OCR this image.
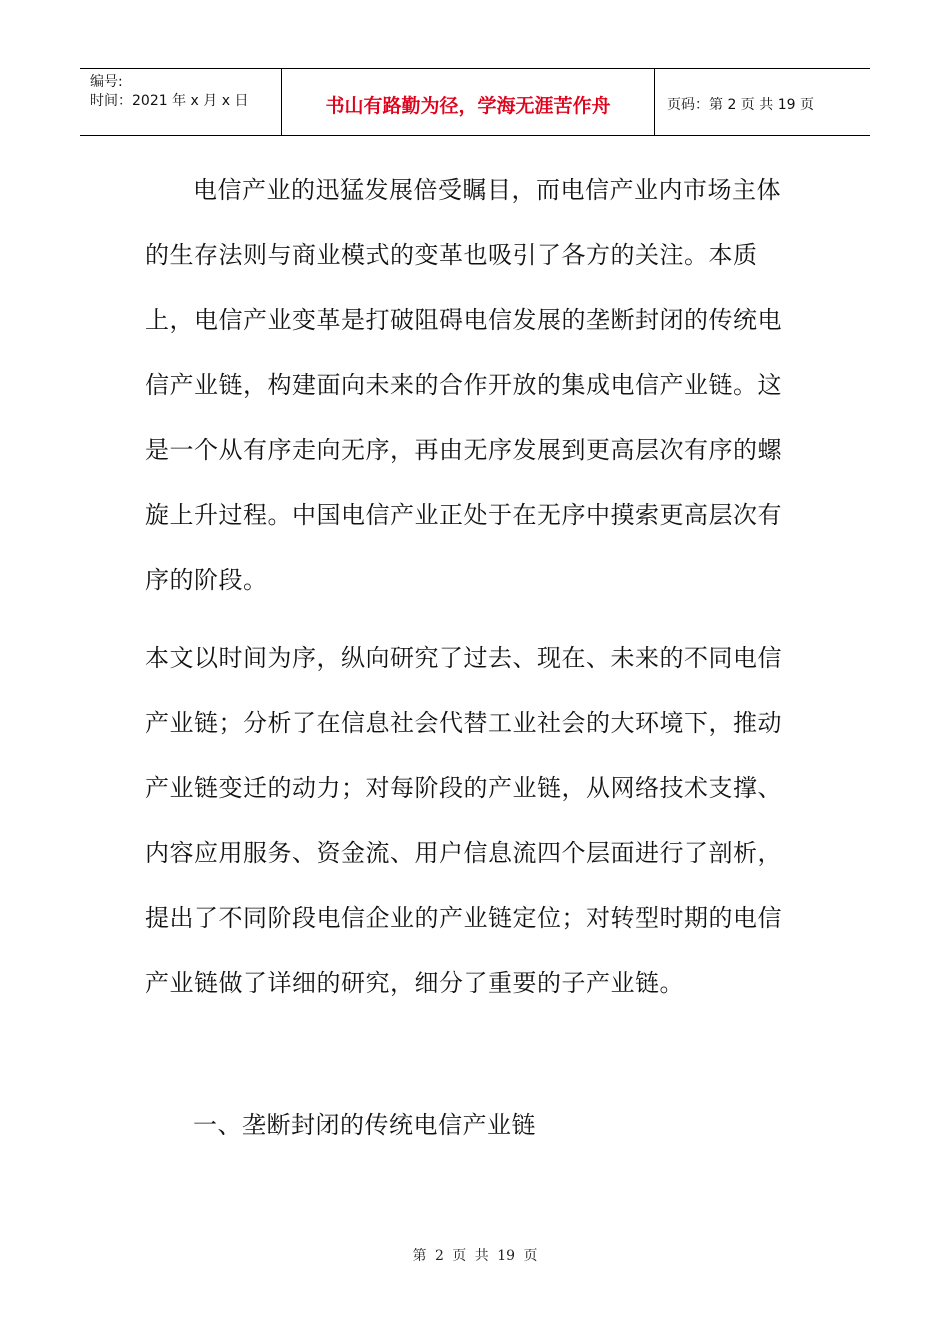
编号:
时间：2021 年 x 月 x 日	书山有路勤为径，学海无涯苦作舟	页码：第 2 页 共 19 页

电信产业的迅猛发展倍受瞩目，而电信产业内市场主体的生存法则与商业模式的变革也吸引了各方的关注。本质上，电信产业变革是打破阻碍电信发展的垄断封闭的传统电信产业链，构建面向未来的合作开放的集成电信产业链。这是一个从有序走向无序，再由无序发展到更高层次有序的螺旋上升过程。中国电信产业正处于在无序中摸索更高层次有序的阶段。

本文以时间为序，纵向研究了过去、现在、未来的不同电信产业链；分析了在信息社会代替工业社会的大环境下，推动产业链变迁的动力；对每阶段的产业链，从网络技术支撑、内容应用服务、资金流、用户信息流四个层面进行了剖析，提出了不同阶段电信企业的产业链定位；对转型时期的电信产业链做了详细的研究，细分了重要的子产业链。

一、垄断封闭的传统电信产业链

第 2 页 共 19 页
